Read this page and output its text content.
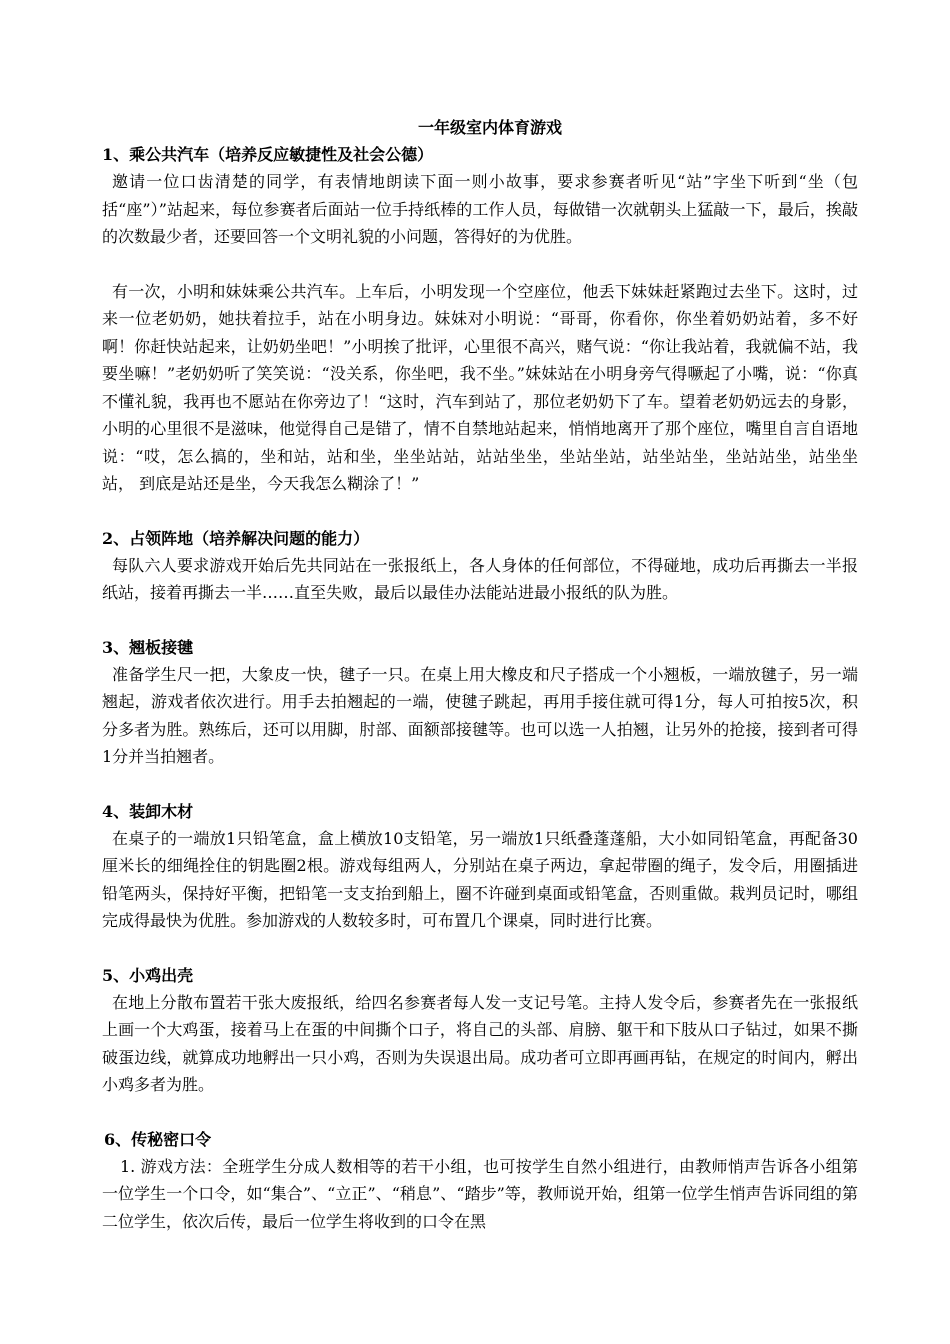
一年级室内体育游戏
1、乘公共汽车（培养反应敏捷性及社会公德）

邀请一位口齿清楚的同学，有表情地朗读下面一则小故事，要求参赛者听见“站”字坐下听到“坐（包括“座”）”站起来，每位参赛者后面站一位手持纸棒的工作人员，每做错一次就朝头上猛敲一下，最后，挨敲的次数最少者，还要回答一个文明礼貌的小问题，答得好的为优胜。

有一次，小明和妹妹乘公共汽车。上车后，小明发现一个空座位，他丢下妹妹赶紧跑过去坐下。这时，过来一位老奶奶，她扶着拉手，站在小明身边。妹妹对小明说：“哥哥，你看你，你坐着奶奶站着，多不好啊！你赶快站起来，让奶奶坐吧！”小明挨了批评，心里很不高兴，赌气说：“你让我站着，我就偏不站，我要坐嘛！”老奶奶听了笑笑说：“没关系，你坐吧，我不坐。”妹妹站在小明身旁气得噘起了小嘴，说：“你真不懂礼貌，我再也不愿站在你旁边了！“这时，汽车到站了，那位老奶奶下了车。望着老奶奶远去的身影，小明的心里很不是滋味，他觉得自己是错了，情不自禁地站起来，悄悄地离开了那个座位，嘴里自言自语地说：“哎，怎么搞的，坐和站，站和坐，坐坐站站，站站坐坐，坐站坐站，站坐站坐，坐站站坐，站坐坐站， 到底是站还是坐，今天我怎么糊涂了！”

2、占领阵地（培养解决问题的能力）

每队六人要求游戏开始后先共同站在一张报纸上，各人身体的任何部位，不得碰地，成功后再撕去一半报纸站，接着再撕去一半……直至失败，最后以最佳办法能站进最小报纸的队为胜。

3、翘板接毽

准备学生尺一把，大象皮一快，毽子一只。在桌上用大橡皮和尺子搭成一个小翘板，一端放毽子，另一端翘起，游戏者依次进行。用手去拍翘起的一端，使毽子跳起，再用手接住就可得1分，每人可拍按5次，积分多者为胜。熟练后，还可以用脚，肘部、面额部接毽等。也可以选一人拍翘，让另外的抢接，接到者可得1分并当拍翘者。

4、装卸木材

在桌子的一端放1只铅笔盒，盒上横放10支铅笔，另一端放1只纸叠蓬蓬船，大小如同铅笔盒，再配备30厘米长的细绳拴住的钥匙圈2根。游戏每组两人，分别站在桌子两边，拿起带圈的绳子，发令后，用圈插进铅笔两头，保持好平衡，把铅笔一支支抬到船上，圈不许碰到桌面或铅笔盒，否则重做。栽判员记时，哪组完成得最快为优胜。参加游戏的人数较多时，可布置几个课桌，同时进行比赛。

5、小鸡出壳

在地上分散布置若干张大废报纸，给四名参赛者每人发一支记号笔。主持人发令后，参赛者先在一张报纸上画一个大鸡蛋，接着马上在蛋的中间撕个口子，将自己的头部、肩膀、躯干和下肢从口子钻过，如果不撕破蛋边线，就算成功地孵出一只小鸡，否则为失误退出局。成功者可立即再画再钻，在规定的时间内，孵出小鸡多者为胜。

6、传秘密口令

1. 游戏方法：全班学生分成人数相等的若干小组，也可按学生自然小组进行，由教师悄声告诉各小组第一位学生一个口令，如“集合”、“立正”、“稍息”、“踏步”等，教师说开始，组第一位学生悄声告诉同组的第二位学生，依次后传，最后一位学生将收到的口令在黑
